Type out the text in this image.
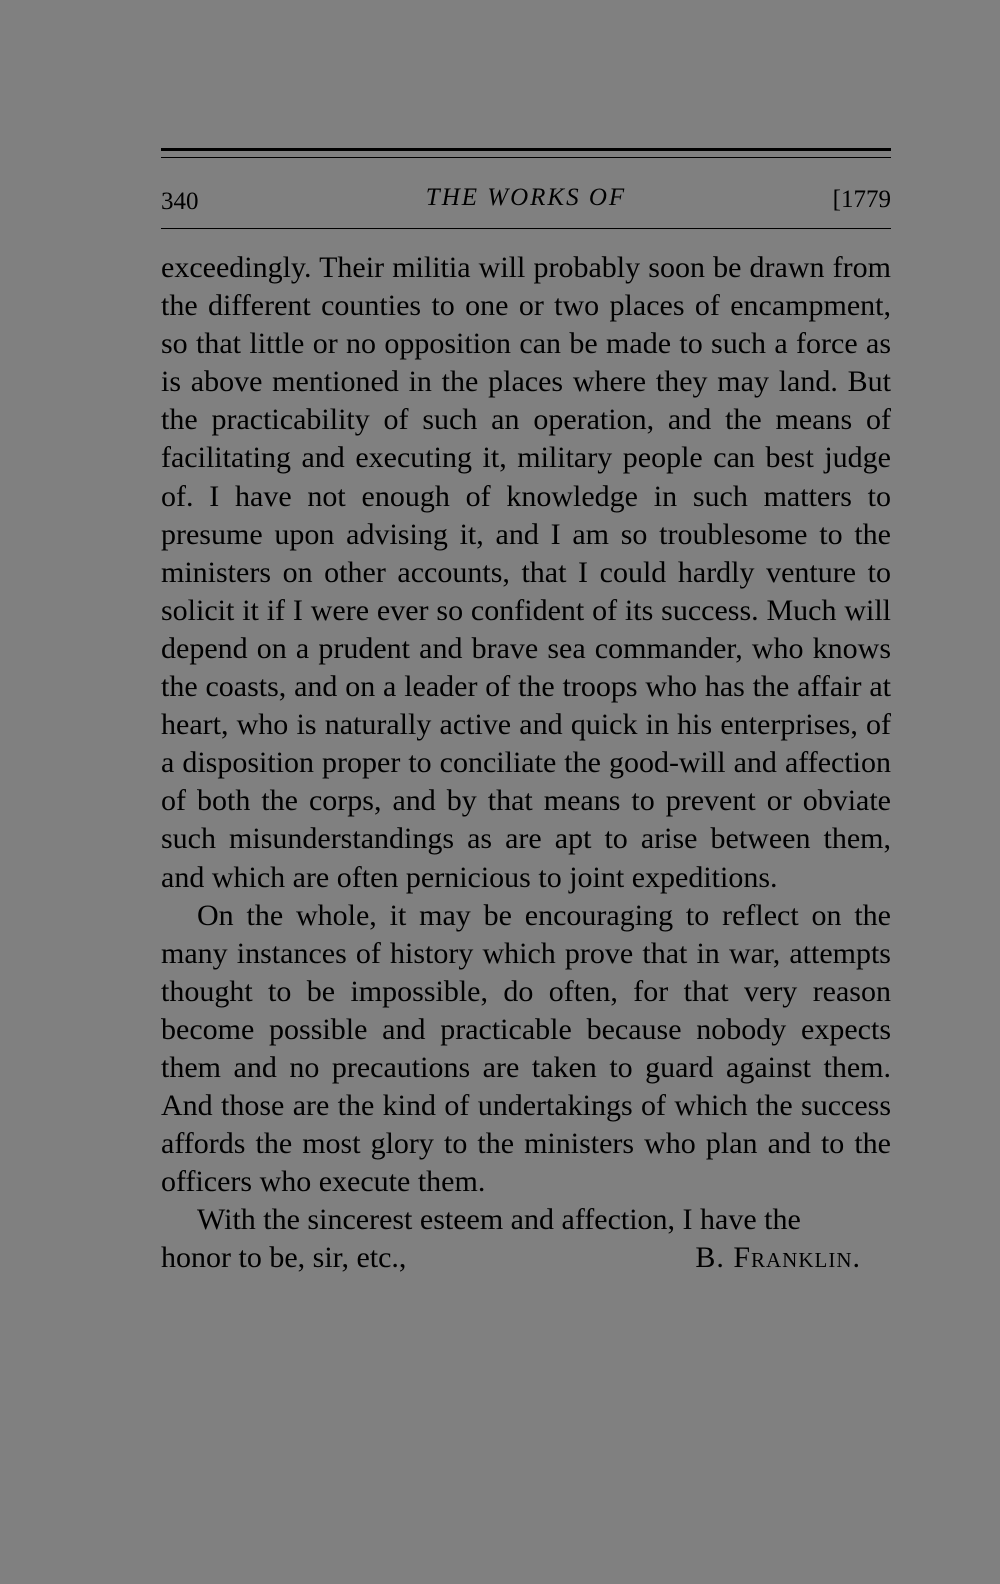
340	THE WORKS OF	[1779

exceedingly. Their militia will probably soon be drawn from the different counties to one or two places of encampment, so that little or no opposition can be made to such a force as is above mentioned in the places where they may land. But the practicability of such an operation, and the means of facilitating and executing it, military people can best judge of. I have not enough of knowledge in such matters to presume upon advising it, and I am so troublesome to the ministers on other accounts, that I could hardly venture to solicit it if I were ever so confident of its success. Much will depend on a prudent and brave sea commander, who knows the coasts, and on a leader of the troops who has the affair at heart, who is naturally active and quick in his enterprises, of a disposition proper to conciliate the good-will and affection of both the corps, and by that means to prevent or obviate such misunderstandings as are apt to arise between them, and which are often pernicious to joint expeditions.

On the whole, it may be encouraging to reflect on the many instances of history which prove that in war, attempts thought to be impossible, do often, for that very reason become possible and practicable because nobody expects them and no precautions are taken to guard against them. And those are the kind of undertakings of which the success affords the most glory to the ministers who plan and to the officers who execute them.

With the sincerest esteem and affection, I have the
honor to be, sir, etc.,	B. Franklin.
